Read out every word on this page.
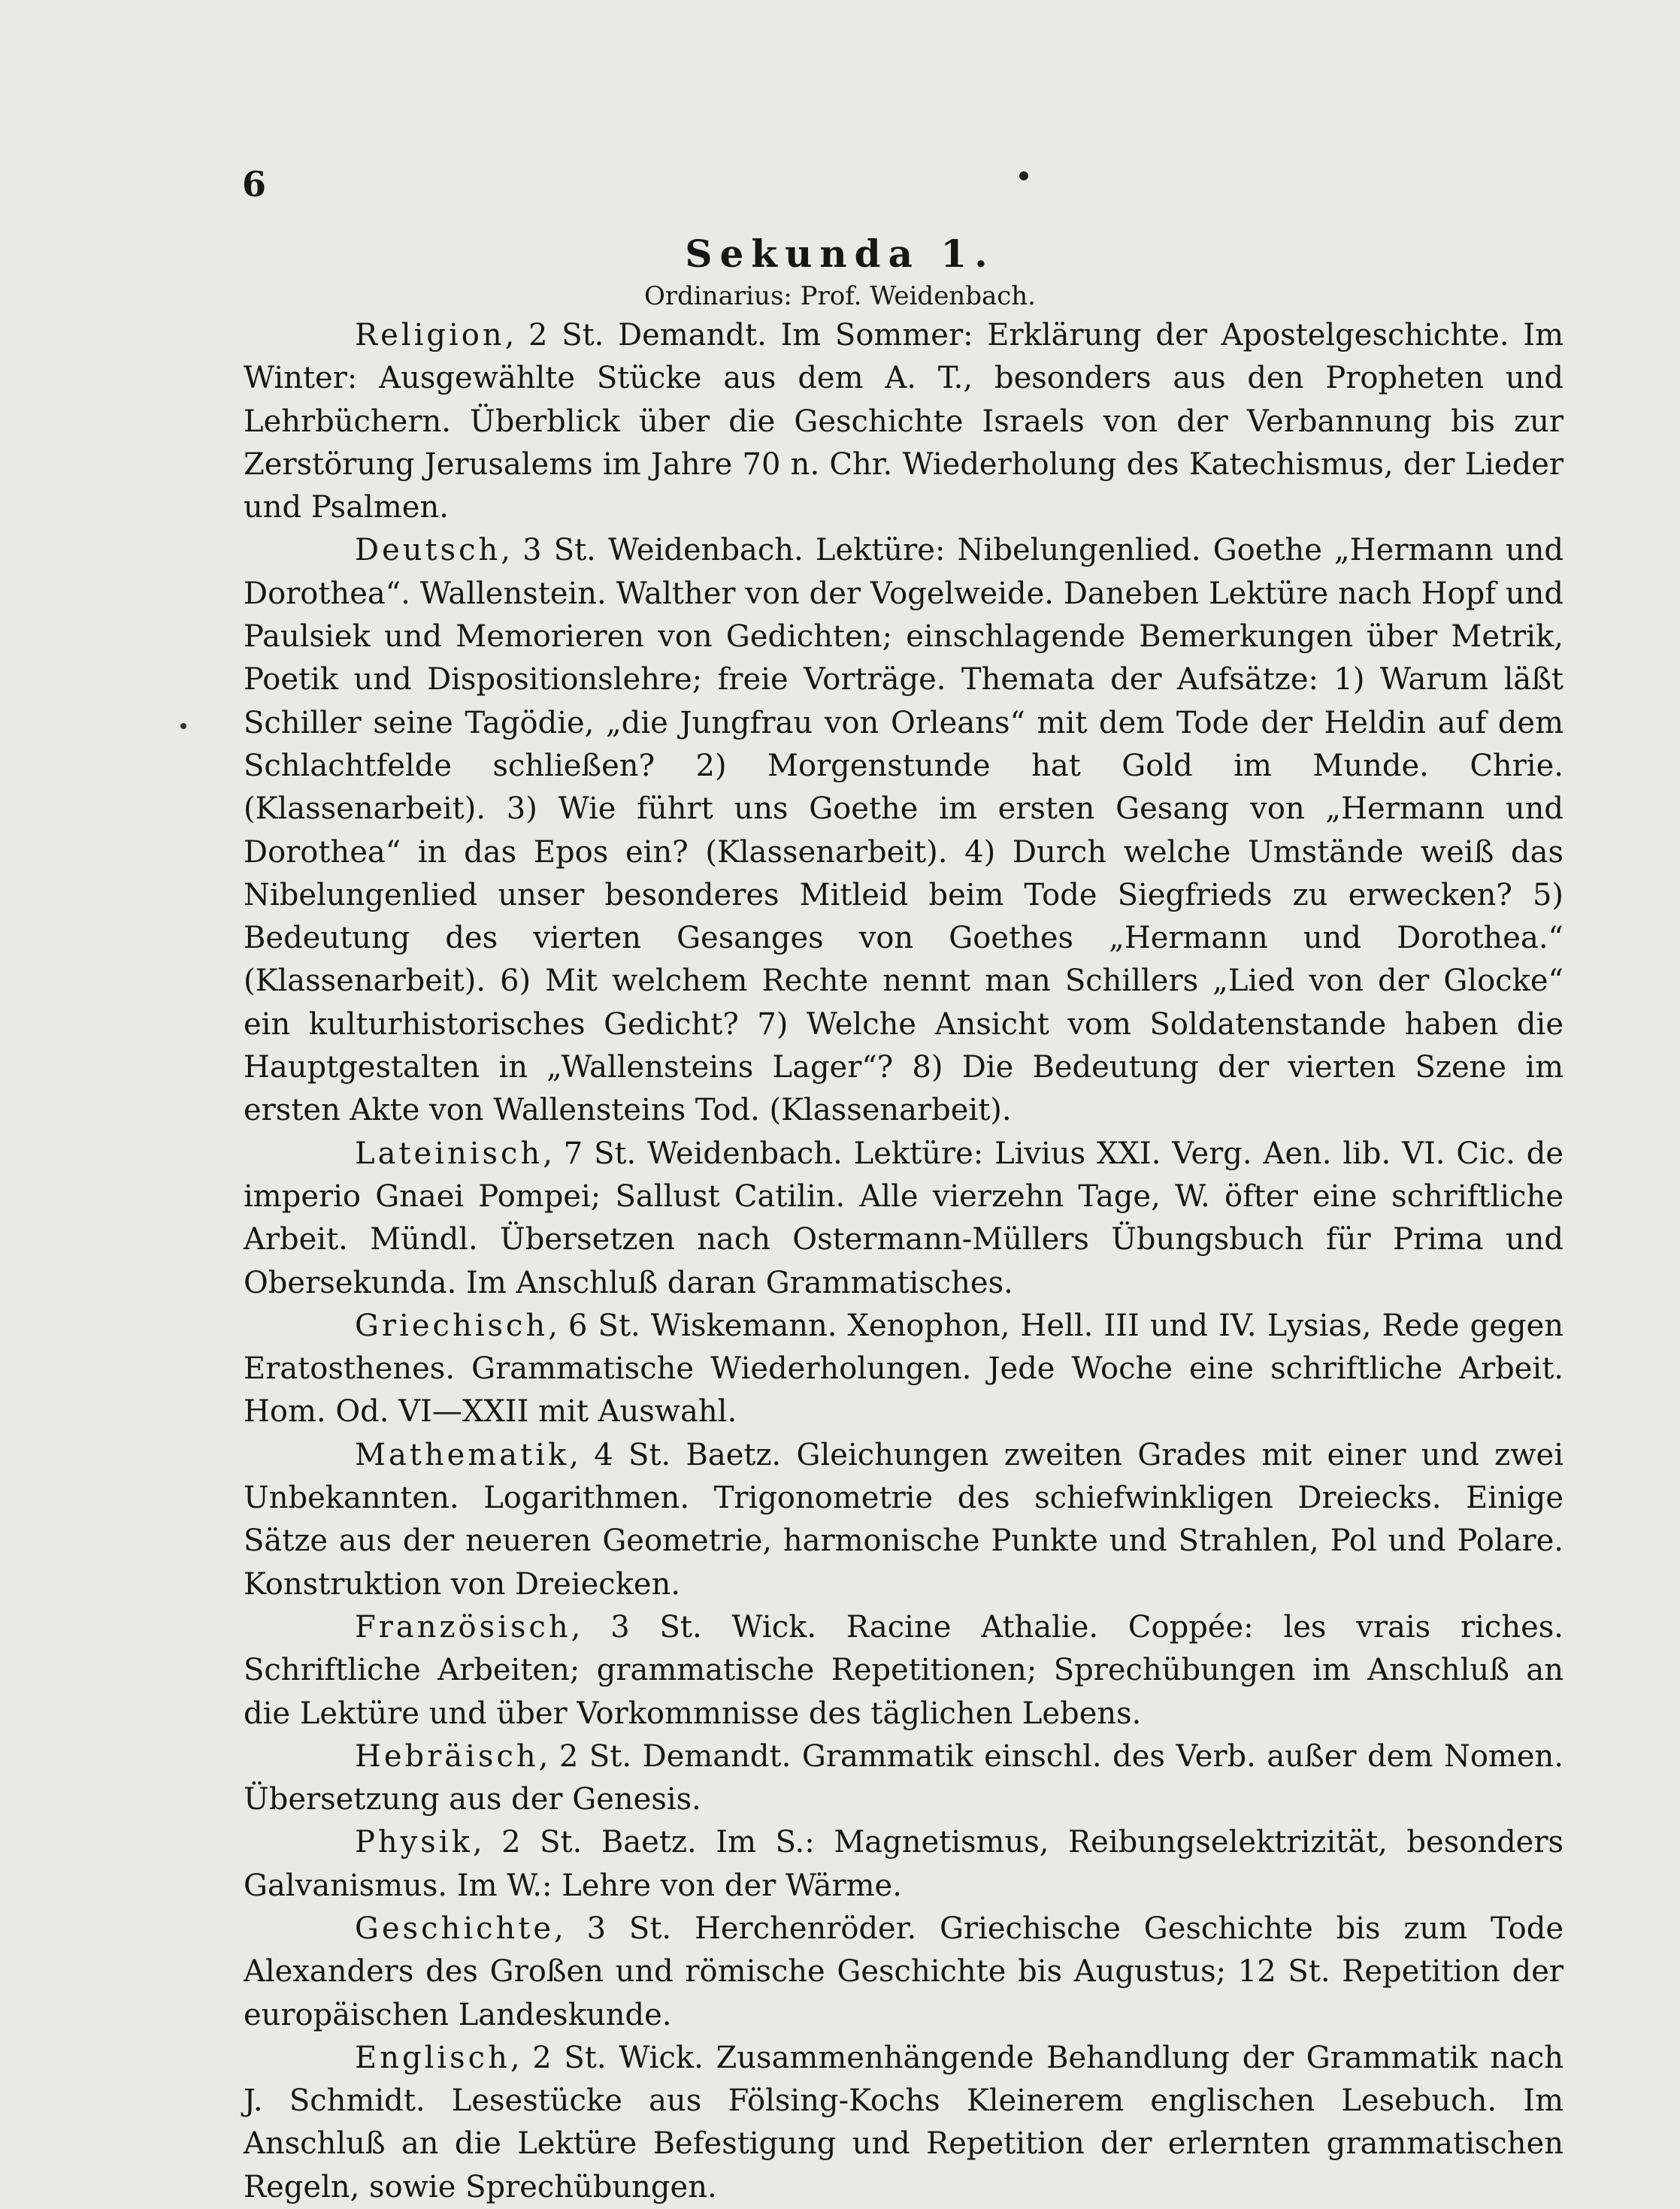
6
Sekunda 1.
Ordinarius: Prof. Weidenbach.

Religion, 2 St. Demandt. Im Sommer: Erklärung der Apostelgeschichte. Im Winter: Ausgewählte Stücke aus dem A. T., besonders aus den Propheten und Lehrbüchern. Überblick über die Geschichte Israels von der Verbannung bis zur Zerstörung Jerusalems im Jahre 70 n. Chr. Wiederholung des Katechismus, der Lieder und Psalmen.

Deutsch, 3 St. Weidenbach. Lektüre: Nibelungenlied. Goethe „Hermann und Dorothea“. Wallenstein. Walther von der Vogelweide. Daneben Lektüre nach Hopf und Paulsiek und Memorieren von Gedichten; einschlagende Bemerkungen über Metrik, Poetik und Dispositionslehre; freie Vorträge. Themata der Aufsätze: 1) Warum läßt Schiller seine Tagödie, „die Jungfrau von Orleans“ mit dem Tode der Heldin auf dem Schlachtfelde schließen? 2) Morgenstunde hat Gold im Munde. Chrie. (Klassenarbeit). 3) Wie führt uns Goethe im ersten Gesang von „Hermann und Dorothea“ in das Epos ein? (Klassenarbeit). 4) Durch welche Umstände weiß das Nibelungenlied unser besonderes Mitleid beim Tode Siegfrieds zu erwecken? 5) Bedeutung des vierten Gesanges von Goethes „Hermann und Dorothea.“ (Klassenarbeit). 6) Mit welchem Rechte nennt man Schillers „Lied von der Glocke“ ein kulturhistorisches Gedicht? 7) Welche Ansicht vom Soldatenstande haben die Hauptgestalten in „Wallensteins Lager“? 8) Die Bedeutung der vierten Szene im ersten Akte von Wallensteins Tod. (Klassenarbeit).

Lateinisch, 7 St. Weidenbach. Lektüre: Livius XXI. Verg. Aen. lib. VI. Cic. de imperio Gnaei Pompei; Sallust Catilin. Alle vierzehn Tage, W. öfter eine schriftliche Arbeit. Mündl. Übersetzen nach Ostermann-Müllers Übungsbuch für Prima und Obersekunda. Im Anschluß daran Grammatisches.

Griechisch, 6 St. Wiskemann. Xenophon, Hell. III und IV. Lysias, Rede gegen Eratosthenes. Grammatische Wiederholungen. Jede Woche eine schriftliche Arbeit. Hom. Od. VI—XXII mit Auswahl.

Mathematik, 4 St. Baetz. Gleichungen zweiten Grades mit einer und zwei Unbekannten. Logarithmen. Trigonometrie des schiefwinkligen Dreiecks. Einige Sätze aus der neueren Geometrie, harmonische Punkte und Strahlen, Pol und Polare. Konstruktion von Dreiecken.

Französisch, 3 St. Wick. Racine Athalie. Coppée: les vrais riches. Schriftliche Arbeiten; grammatische Repetitionen; Sprechübungen im Anschluß an die Lektüre und über Vorkommnisse des täglichen Lebens.

Hebräisch, 2 St. Demandt. Grammatik einschl. des Verb. außer dem Nomen. Übersetzung aus der Genesis.

Physik, 2 St. Baetz. Im S.: Magnetismus, Reibungselektrizität, besonders Galvanismus. Im W.: Lehre von der Wärme.

Geschichte, 3 St. Herchenröder. Griechische Geschichte bis zum Tode Alexanders des Großen und römische Geschichte bis Augustus; 12 St. Repetition der europäischen Landeskunde.

Englisch, 2 St. Wick. Zusammenhängende Behandlung der Grammatik nach J. Schmidt. Lesestücke aus Fölsing-Kochs Kleinerem englischen Lesebuch. Im Anschluß an die Lektüre Befestigung und Repetition der erlernten grammatischen Regeln, sowie Sprechübungen.
